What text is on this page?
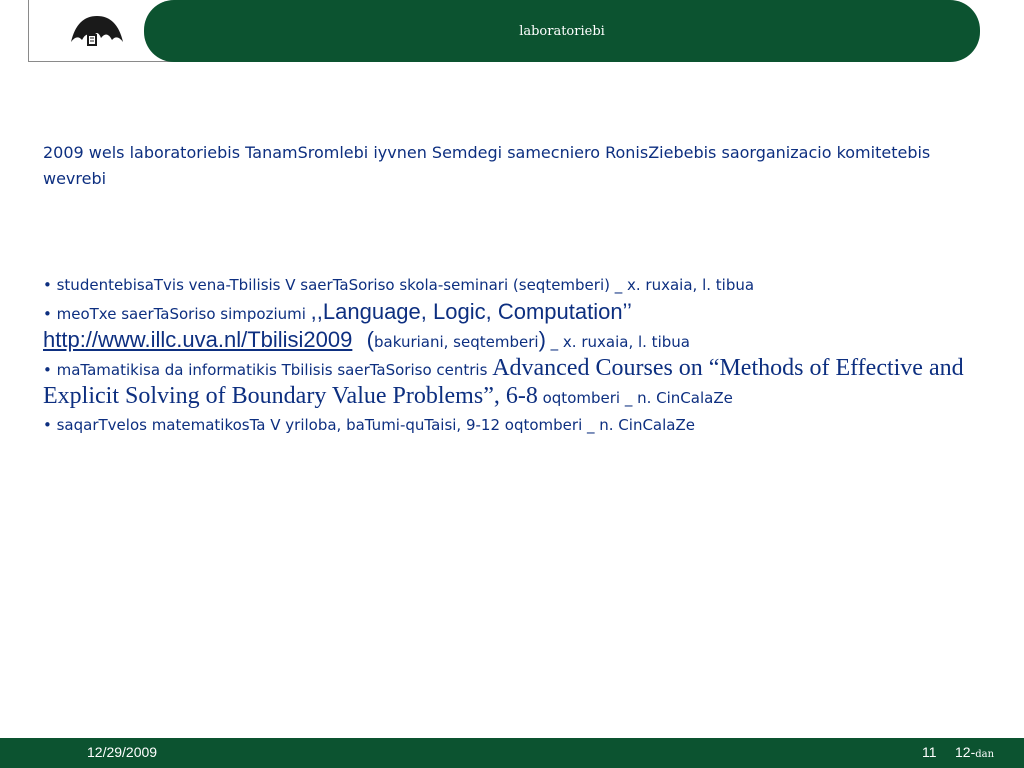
laboratoriebi
2009 wels laboratoriebis TanamSromlebi iyvnen Semdegi samecniero RonisZiebebis saorganizacio komitetebis wevrebi
• studentebisaTvis vena-Tbilisis V saerTaSoriso skola-seminari (seqtemberi) _ x. ruxaia, l. tibua
• meoTxe saerTaSoriso simpoziumi ,,Language, Logic, Computation’’
http://www.illc.uva.nl/Tbilisi2009 (bakuriani, seqtemberi) _ x. ruxaia, l. tibua
• maTamatikisa da informatikis Tbilisis saerTaSoriso centris Advanced Courses on “Methods of Effective and Explicit Solving of Boundary Value Problems”, 6-8 oqtomberi _ n. CinCalaZe
• saqarTvelos matematikosTa V yriloba, baTumi-quTaisi, 9-12 oqtomberi _ n. CinCalaZe
12/29/2009	11 12-dan
